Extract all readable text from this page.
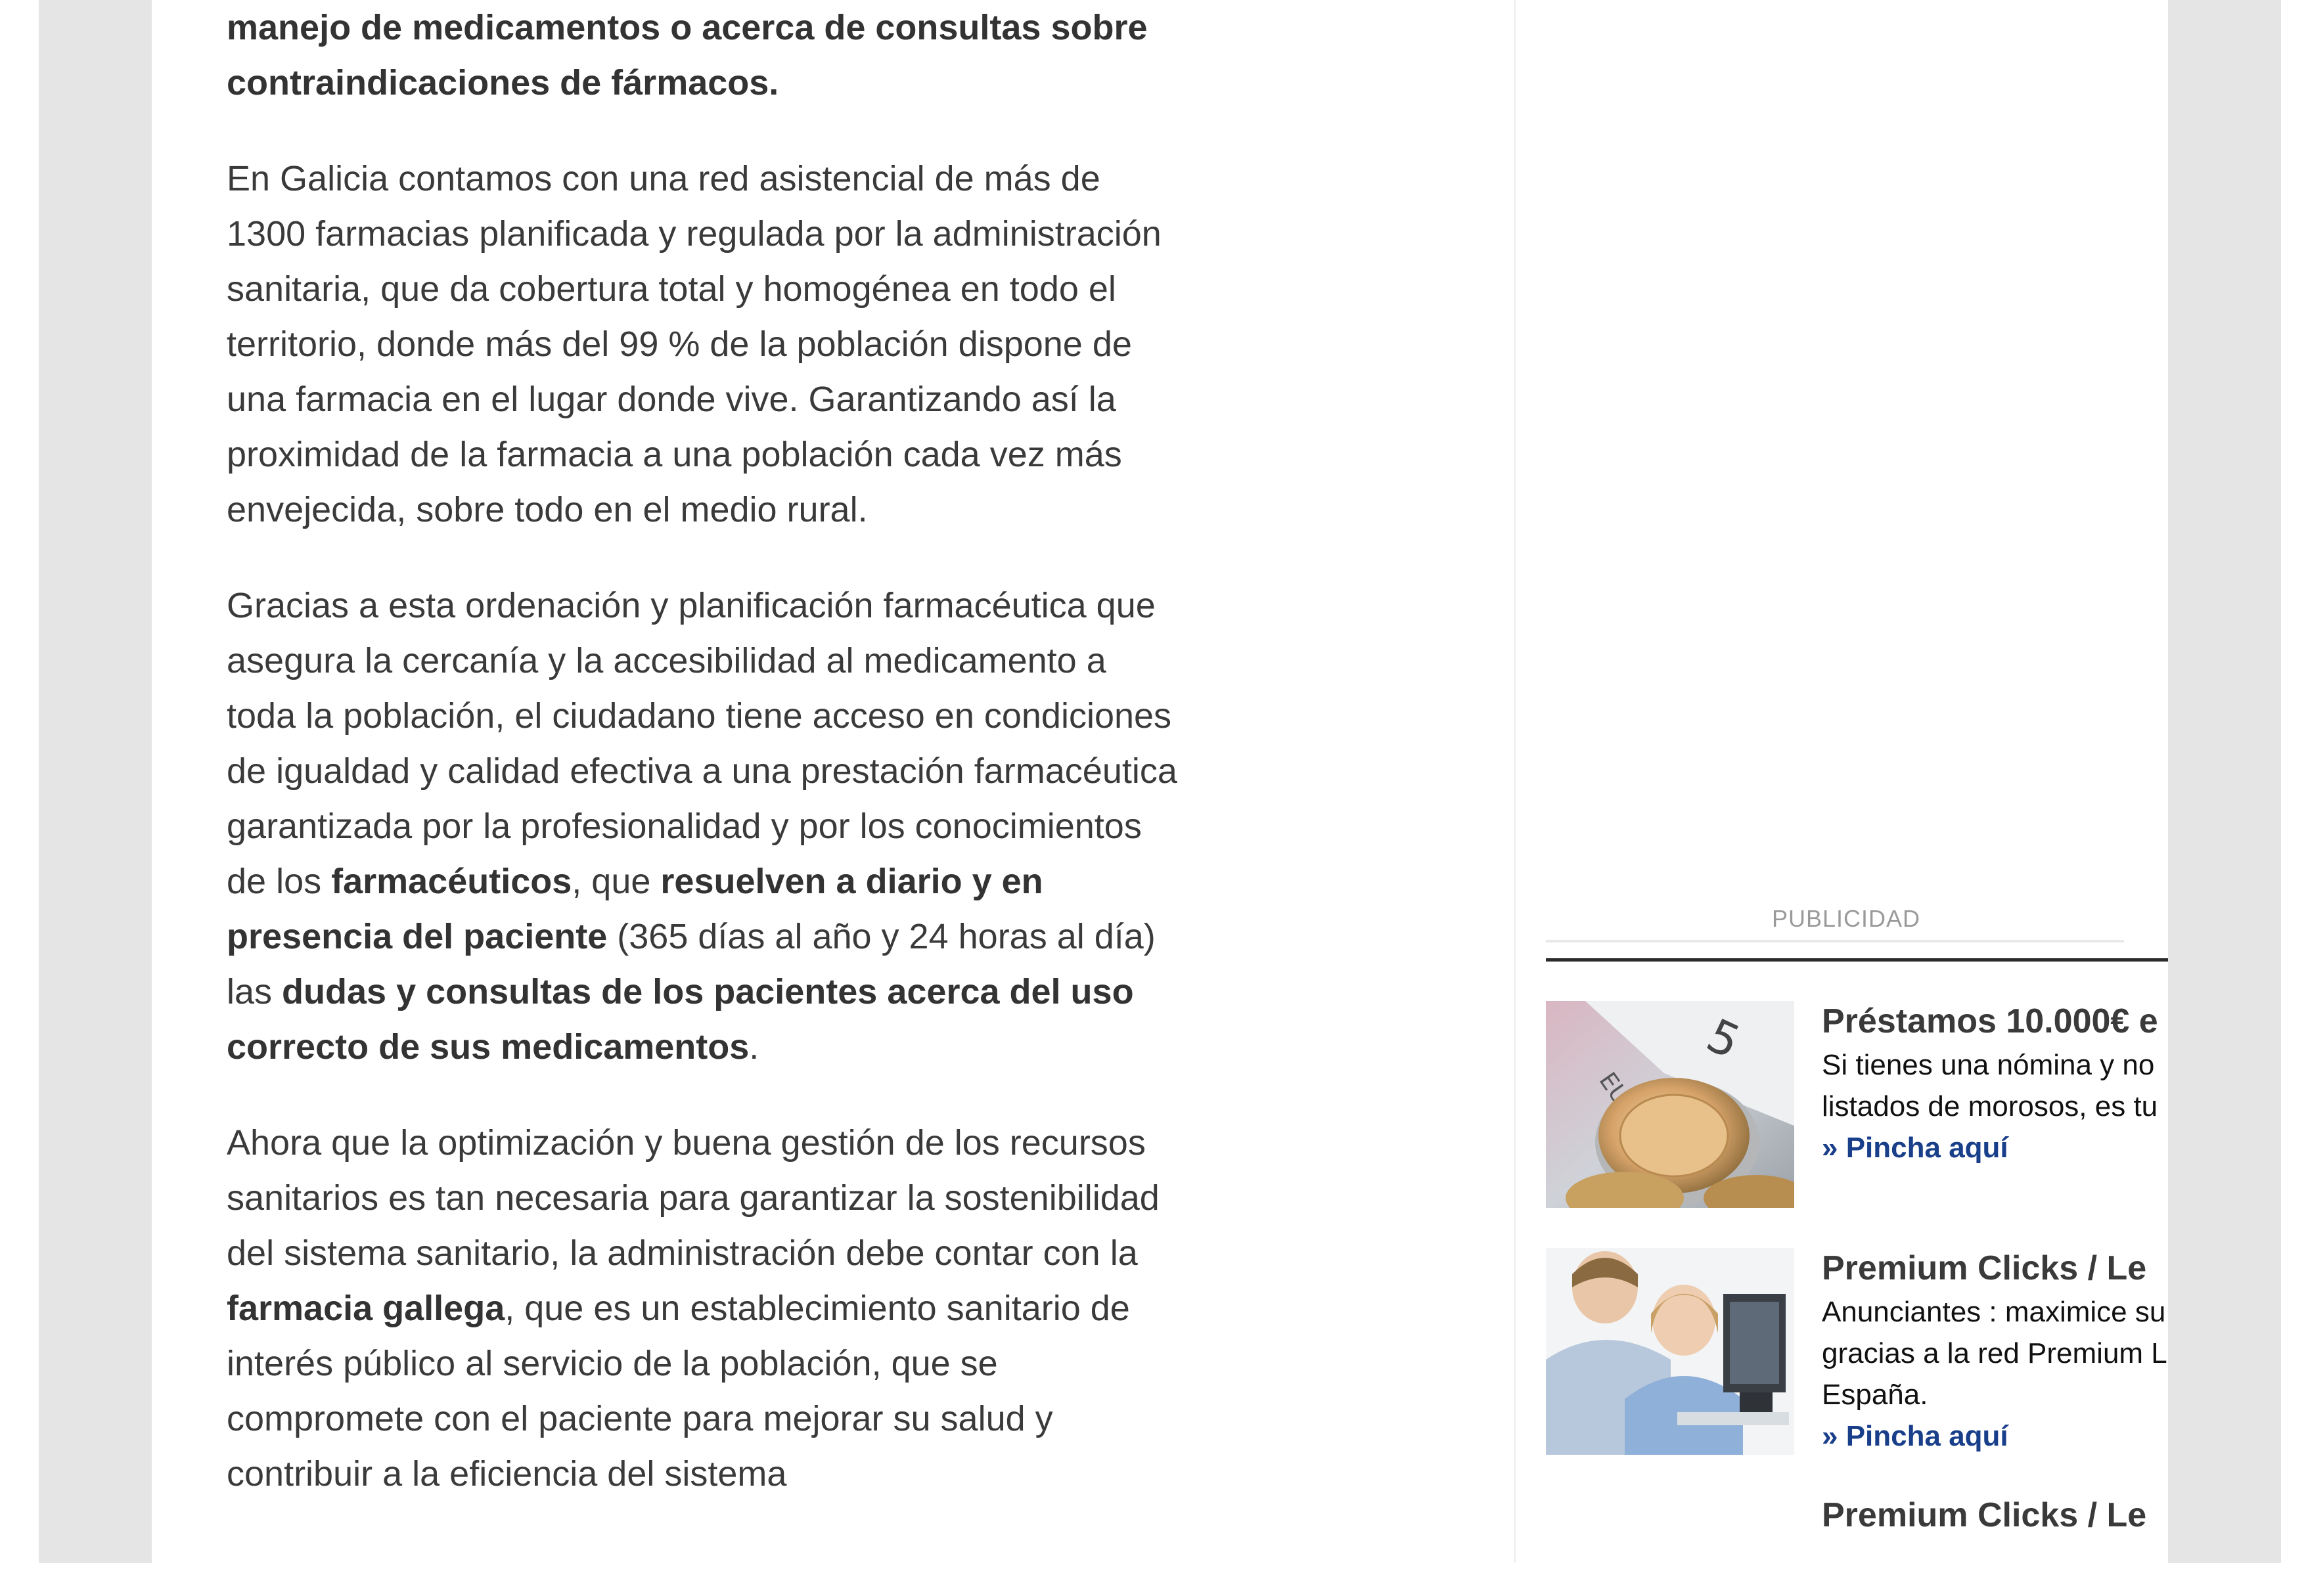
manejo de medicamentos o acerca de consultas sobre contraindicaciones de fármacos.

En Galicia contamos con una red asistencial de más de 1300 farmacias planificada y regulada por la administración sanitaria, que da cobertura total y homogénea en todo el territorio, donde más del 99 % de la población dispone de una farmacia en el lugar donde vive. Garantizando así la proximidad de la farmacia a una población cada vez más envejecida, sobre todo en el medio rural.

Gracias a esta ordenación y planificación farmacéutica que asegura la cercanía y la accesibilidad al medicamento a toda la población, el ciudadano tiene acceso en condiciones de igualdad y calidad efectiva a una prestación farmacéutica garantizada por la profesionalidad y por los conocimientos de los farmacéuticos, que resuelven a diario y en presencia del paciente (365 días al año y 24 horas al día) las dudas y consultas de los pacientes acerca del uso correcto de sus medicamentos.

Ahora que la optimización y buena gestión de los recursos sanitarios es tan necesaria para garantizar la sostenibilidad del sistema sanitario, la administración debe contar con la farmacia gallega, que es un establecimiento sanitario de interés público al servicio de la población, que se compromete con el paciente para mejorar su salud y contribuir a la eficiencia del sistema

PUBLICIDAD
5 Préstamos 10.000€ e
Si tienes una nómina y no
listados de morosos, es tu
» Pincha aquí
Premium Clicks / Le
Anunciantes : maximice su
gracias a la red Premium L
España.
» Pincha aquí
Premium Clicks / Le
